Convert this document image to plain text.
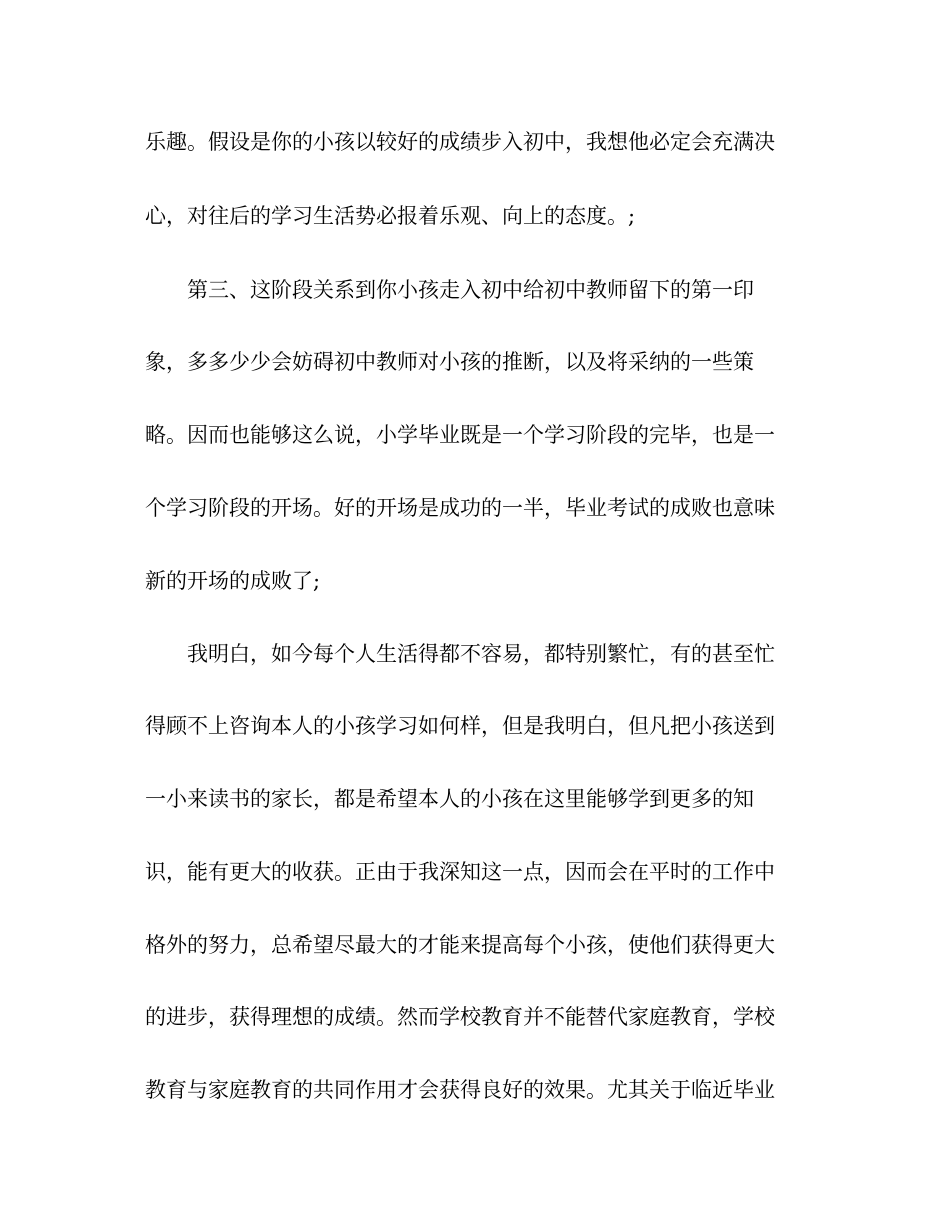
乐趣。假设是你的小孩以较好的成绩步入初中，我想他必定会充满决
心，对往后的学习生活势必报着乐观、向上的态度。;
第三、这阶段关系到你小孩走入初中给初中教师留下的第一印
象，多多少少会妨碍初中教师对小孩的推断，以及将采纳的一些策
略。因而也能够这么说，小学毕业既是一个学习阶段的完毕，也是一
个学习阶段的开场。好的开场是成功的一半，毕业考试的成败也意味
新的开场的成败了;
我明白，如今每个人生活得都不容易，都特别繁忙，有的甚至忙
得顾不上咨询本人的小孩学习如何样，但是我明白，但凡把小孩送到
一小来读书的家长，都是希望本人的小孩在这里能够学到更多的知
识，能有更大的收获。正由于我深知这一点，因而会在平时的工作中
格外的努力，总希望尽最大的才能来提高每个小孩，使他们获得更大
的进步，获得理想的成绩。然而学校教育并不能替代家庭教育，学校
教育与家庭教育的共同作用才会获得良好的效果。尤其关于临近毕业
